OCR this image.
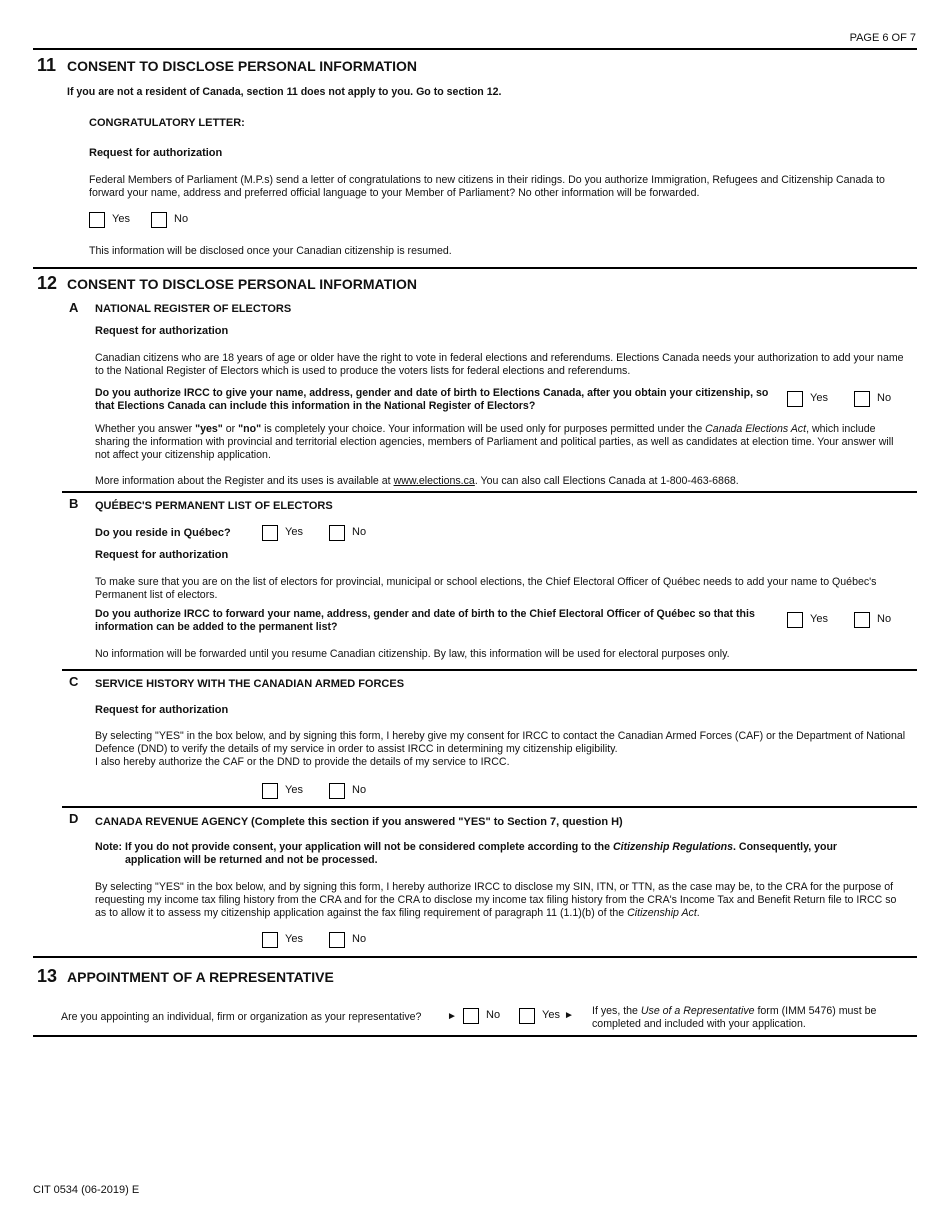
PAGE 6 OF 7
11 CONSENT TO DISCLOSE PERSONAL INFORMATION
If you are not a resident of Canada, section 11 does not apply to you. Go to section 12.
CONGRATULATORY LETTER:
Request for authorization
Federal Members of Parliament (M.P.s) send a letter of congratulations to new citizens in their ridings. Do you authorize Immigration, Refugees and Citizenship Canada to forward your name, address and preferred official language to your Member of Parliament? No other information will be forwarded.
Yes	No
This information will be disclosed once your Canadian citizenship is resumed.
12 CONSENT TO DISCLOSE PERSONAL INFORMATION
A NATIONAL REGISTER OF ELECTORS
Request for authorization
Canadian citizens who are 18 years of age or older have the right to vote in federal elections and referendums. Elections Canada needs your authorization to add your name to the National Register of Electors which is used to produce the voters lists for federal elections and referendums.
Do you authorize IRCC to give your name, address, gender and date of birth to Elections Canada, after you obtain your citizenship, so that Elections Canada can include this information in the National Register of Electors?
Yes	No
Whether you answer "yes" or "no" is completely your choice. Your information will be used only for purposes permitted under the Canada Elections Act, which include sharing the information with provincial and territorial election agencies, members of Parliament and political parties, as well as candidates at election time. Your answer will not affect your citizenship application.
More information about the Register and its uses is available at www.elections.ca. You can also call Elections Canada at 1-800-463-6868.
B QUÉBEC'S PERMANENT LIST OF ELECTORS
Do you reside in Québec?	Yes	No
Request for authorization
To make sure that you are on the list of electors for provincial, municipal or school elections, the Chief Electoral Officer of Québec needs to add your name to Québec's Permanent list of electors.
Do you authorize IRCC to forward your name, address, gender and date of birth to the Chief Electoral Officer of Québec so that this information can be added to the permanent list?
Yes	No
No information will be forwarded until you resume Canadian citizenship. By law, this information will be used for electoral purposes only.
C SERVICE HISTORY WITH THE CANADIAN ARMED FORCES
Request for authorization
By selecting "YES" in the box below, and by signing this form, I hereby give my consent for IRCC to contact the Canadian Armed Forces (CAF) or the Department of National Defence (DND) to verify the details of my service in order to assist IRCC in determining my citizenship eligibility.
I also hereby authorize the CAF or the DND to provide the details of my service to IRCC.
Yes	No
D CANADA REVENUE AGENCY (Complete this section if you answered "YES" to Section 7, question H)
Note: If you do not provide consent, your application will not be considered complete according to the Citizenship Regulations. Consequently, your application will be returned and not be processed.
By selecting "YES" in the box below, and by signing this form, I hereby authorize IRCC to disclose my SIN, ITN, or TTN, as the case may be, to the CRA for the purpose of requesting my income tax filing history from the CRA and for the CRA to disclose my income tax filing history from the CRA's Income Tax and Benefit Return file to IRCC so as to allow it to assess my citizenship application against the fax filing requirement of paragraph 11 (1.1)(b) of the Citizenship Act.
Yes	No
13 APPOINTMENT OF A REPRESENTATIVE
Are you appointing an individual, firm or organization as your representative?	►	No	Yes ► If yes, the Use of a Representative form (IMM 5476) must be completed and included with your application.
CIT 0534 (06-2019) E
